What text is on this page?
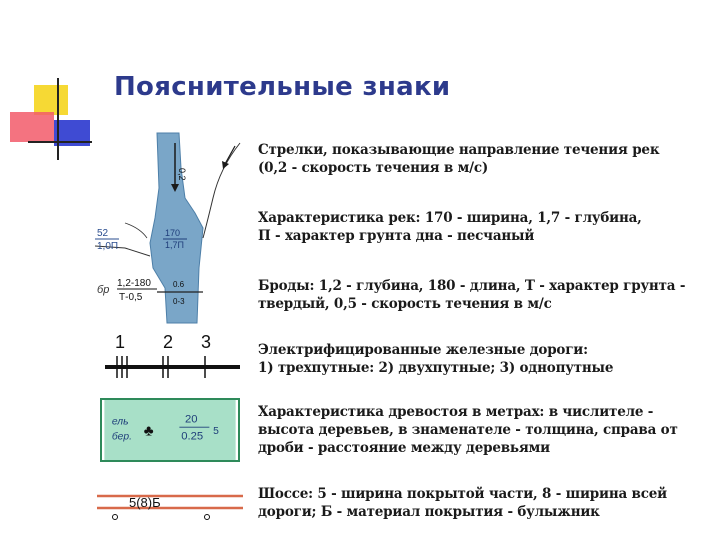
Пояснительные знаки
0,2
52
1,0П
170
1,7П
бр
1,2-180
Т-0,5
0.6
0-3
1 2 3
ель
бер. ♣
20
0.25 5
5(8)Б
Стрелки, показывающие направление течения рек
(0,2 - скорость течения в м/с)
Характеристика рек: 170 - ширина, 1,7 - глубина,
П - характер грунта дна - песчаный
Броды: 1,2 - глубина, 180 - длина, Т - характер грунта -
твердый, 0,5 - скорость течения в м/с
Электрифицированные железные дороги:
1) трехпутные: 2) двухпутные; 3) однопутные
Характеристика древостоя в метрах: в числителе -
высота деревьев, в знаменателе - толщина, справа от
дроби - расстояние между деревьями
Шоссе: 5 - ширина покрытой части, 8 - ширина всей
дороги; Б - материал покрытия - булыжник
